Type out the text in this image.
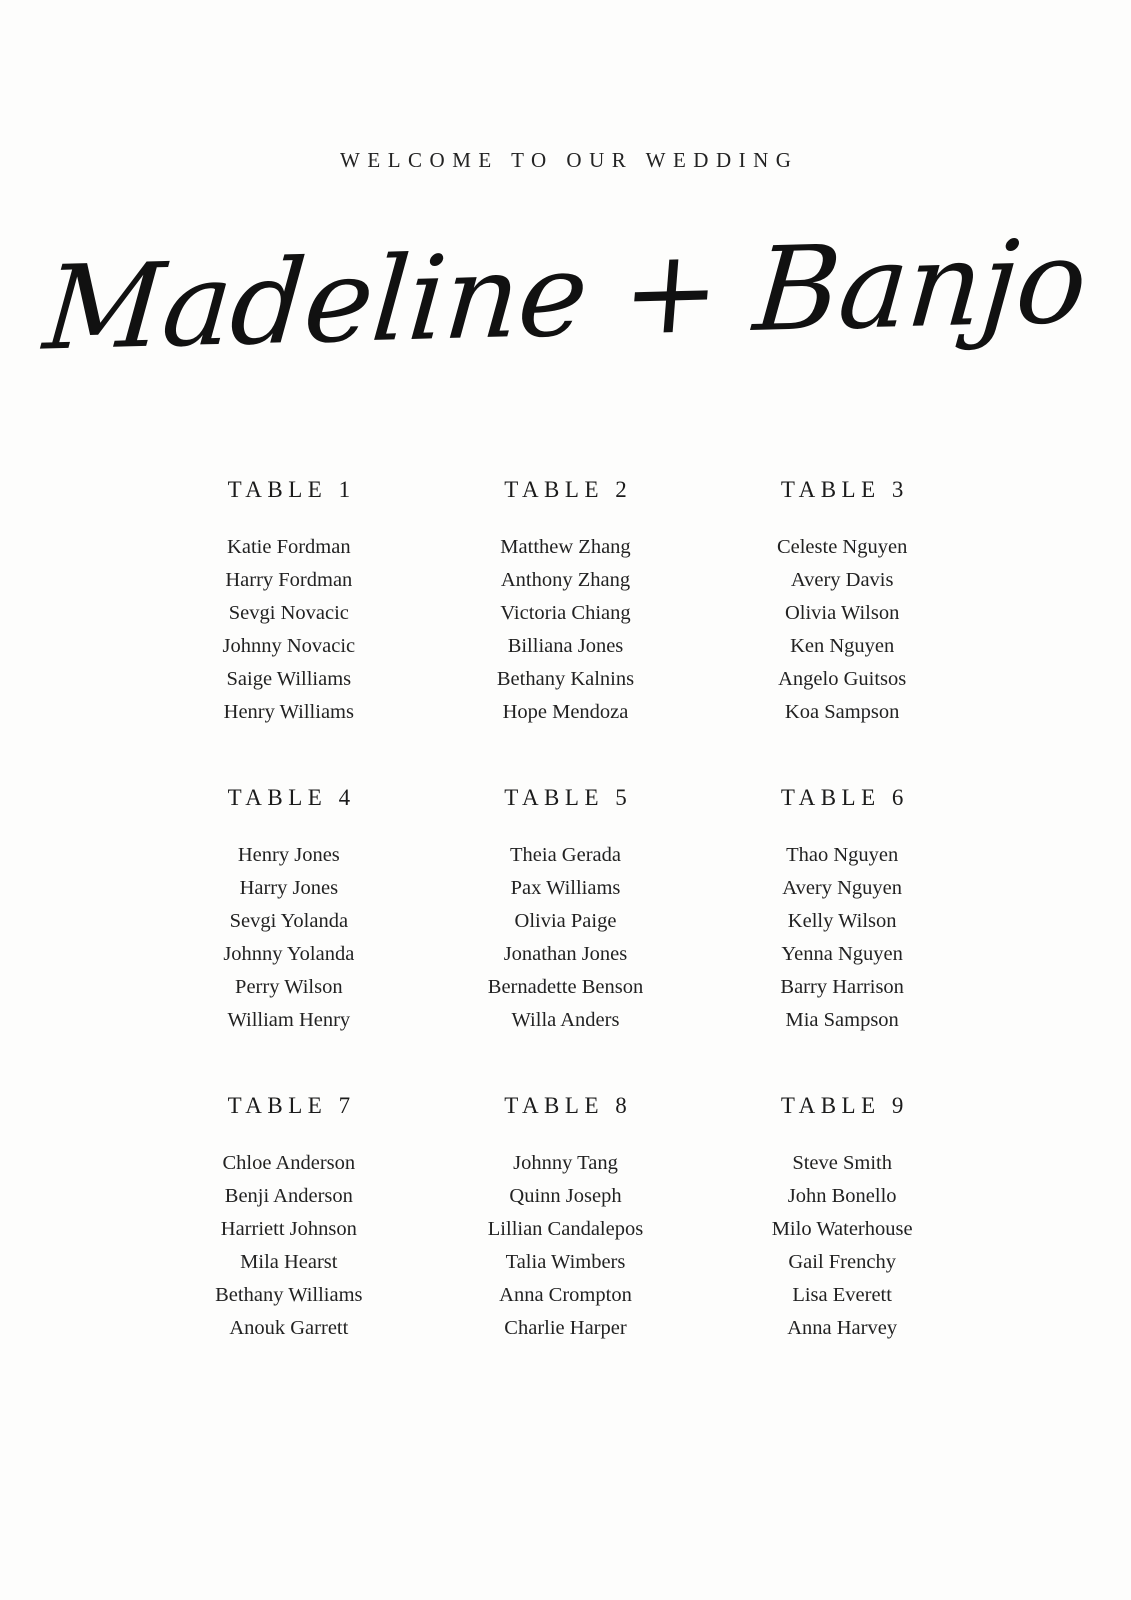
WELCOME TO OUR WEDDING
Madeline + Banjo
TABLE 1
Katie Fordman
Harry Fordman
Sevgi Novacic
Johnny Novacic
Saige Williams
Henry Williams
TABLE 2
Matthew Zhang
Anthony Zhang
Victoria Chiang
Billiana Jones
Bethany Kalnins
Hope Mendoza
TABLE 3
Celeste Nguyen
Avery Davis
Olivia Wilson
Ken Nguyen
Angelo Guitsos
Koa Sampson
TABLE 4
Henry Jones
Harry Jones
Sevgi Yolanda
Johnny Yolanda
Perry Wilson
William Henry
TABLE 5
Theia Gerada
Pax Williams
Olivia Paige
Jonathan Jones
Bernadette Benson
Willa Anders
TABLE 6
Thao Nguyen
Avery Nguyen
Kelly Wilson
Yenna Nguyen
Barry Harrison
Mia Sampson
TABLE 7
Chloe Anderson
Benji Anderson
Harriett Johnson
Mila Hearst
Bethany Williams
Anouk Garrett
TABLE 8
Johnny Tang
Quinn Joseph
Lillian Candalepos
Talia Wimbers
Anna Crompton
Charlie Harper
TABLE 9
Steve Smith
John Bonello
Milo Waterhouse
Gail Frenchy
Lisa Everett
Anna Harvey
